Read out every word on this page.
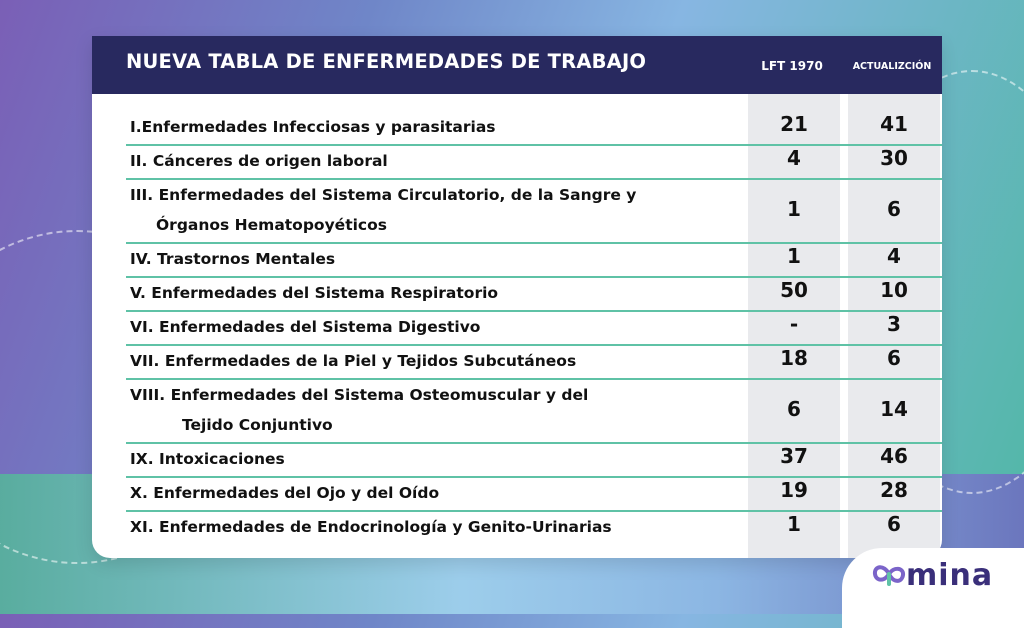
NUEVA TABLA DE ENFERMEDADES DE TRABAJO	LFT 1970	ACTUALIZCIÓN
I.Enfermedades Infecciosas y parasitarias	21	41
II. Cánceres de origen laboral	4	30
III. Enfermedades del Sistema Circulatorio, de la Sangre y
Órganos Hematopoyéticos
1	6
IV. Trastornos Mentales	1	4
V. Enfermedades del Sistema Respiratorio	50	10
VI. Enfermedades del Sistema Digestivo	-	3
VII. Enfermedades de la Piel y Tejidos Subcutáneos	18	6
VIII. Enfermedades del Sistema Osteomuscular y del
Tejido Conjuntivo
6	14
IX. Intoxicaciones	37	46
X. Enfermedades del Ojo y del Oído	19	28
XI. Enfermedades de Endocrinología y Genito-Urinarias	1	6
mina
